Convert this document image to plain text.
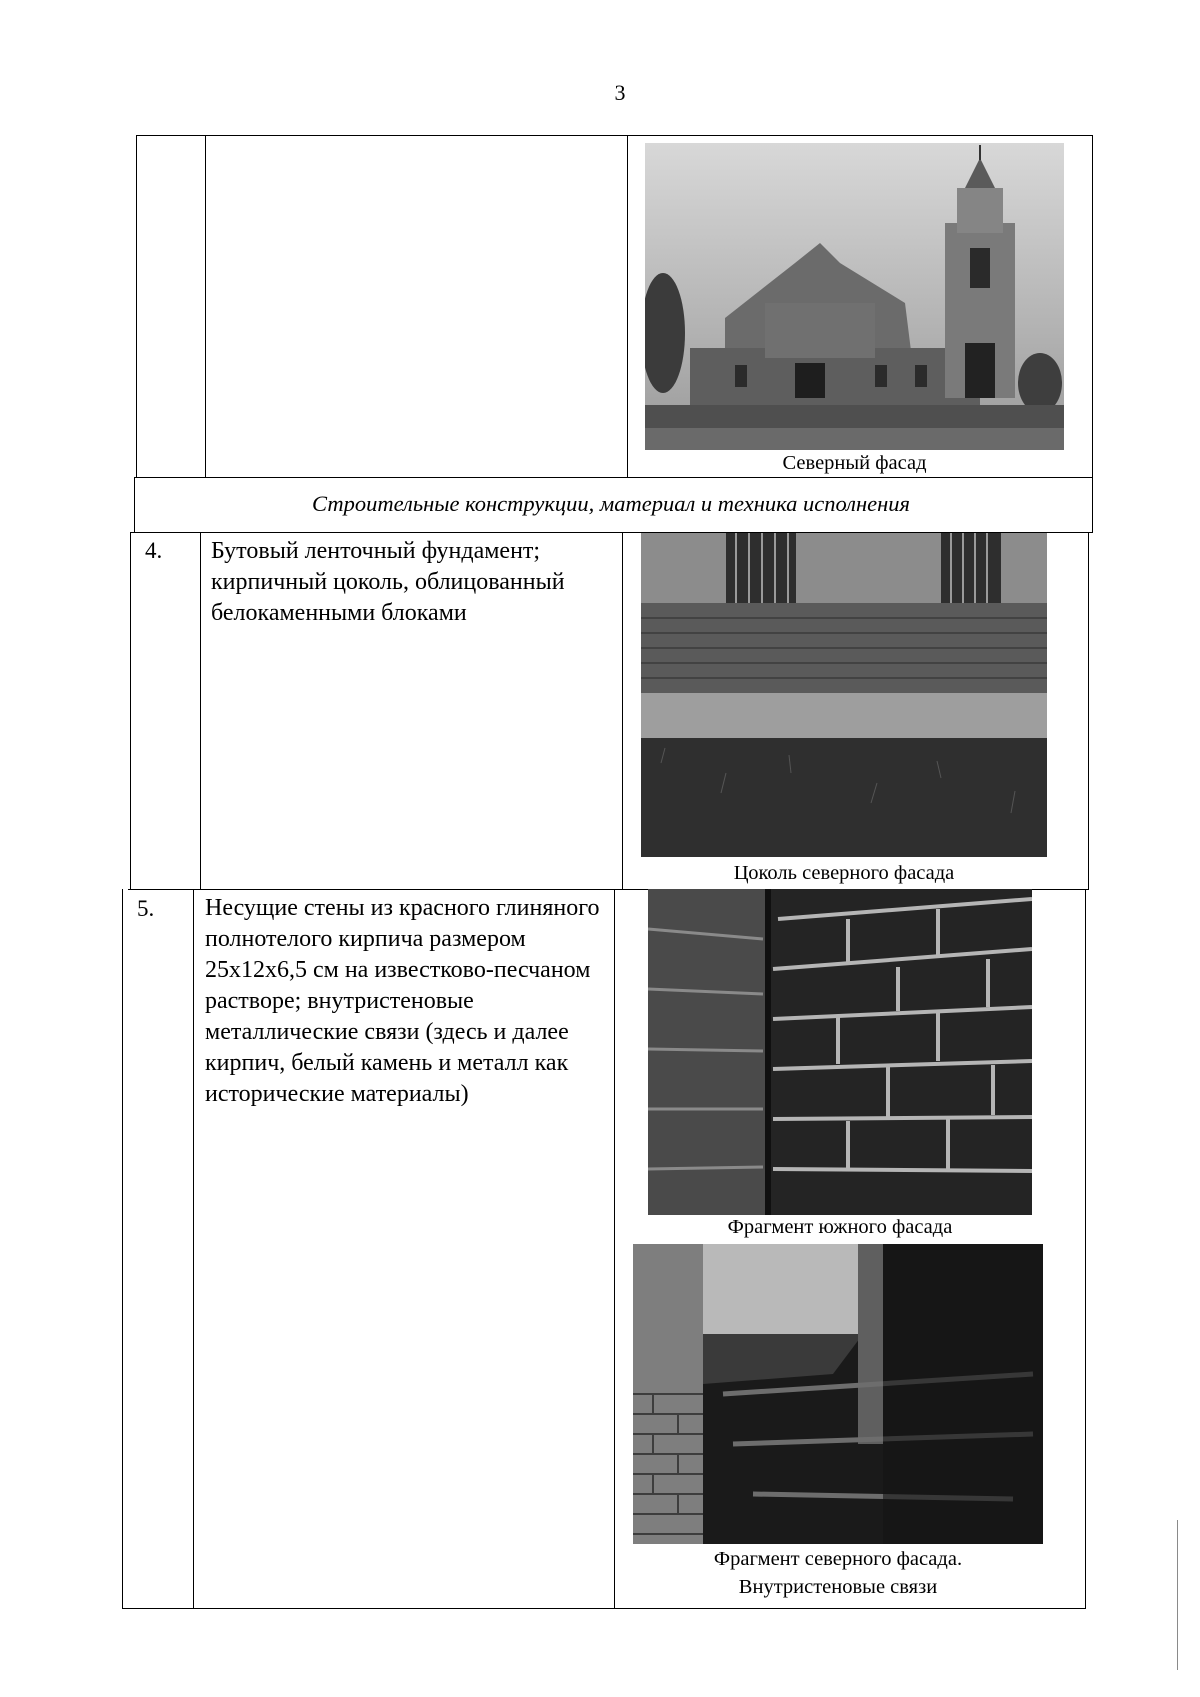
3
Северный фасад
Строительные конструкции, материал и техника исполнения
4. Бутовый ленточный фундамент; кирпичный цоколь, облицованный белокаменными блоками
Цоколь северного фасада
5. Несущие стены из красного глиняного полнотелого кирпича размером 25х12х6,5 см на известково-песчаном растворе; внутристеновые металлические связи (здесь и далее кирпич, белый камень и металл как исторические материалы)
Фрагмент южного фасада
Фрагмент северного фасада.
Внутристеновые связи
